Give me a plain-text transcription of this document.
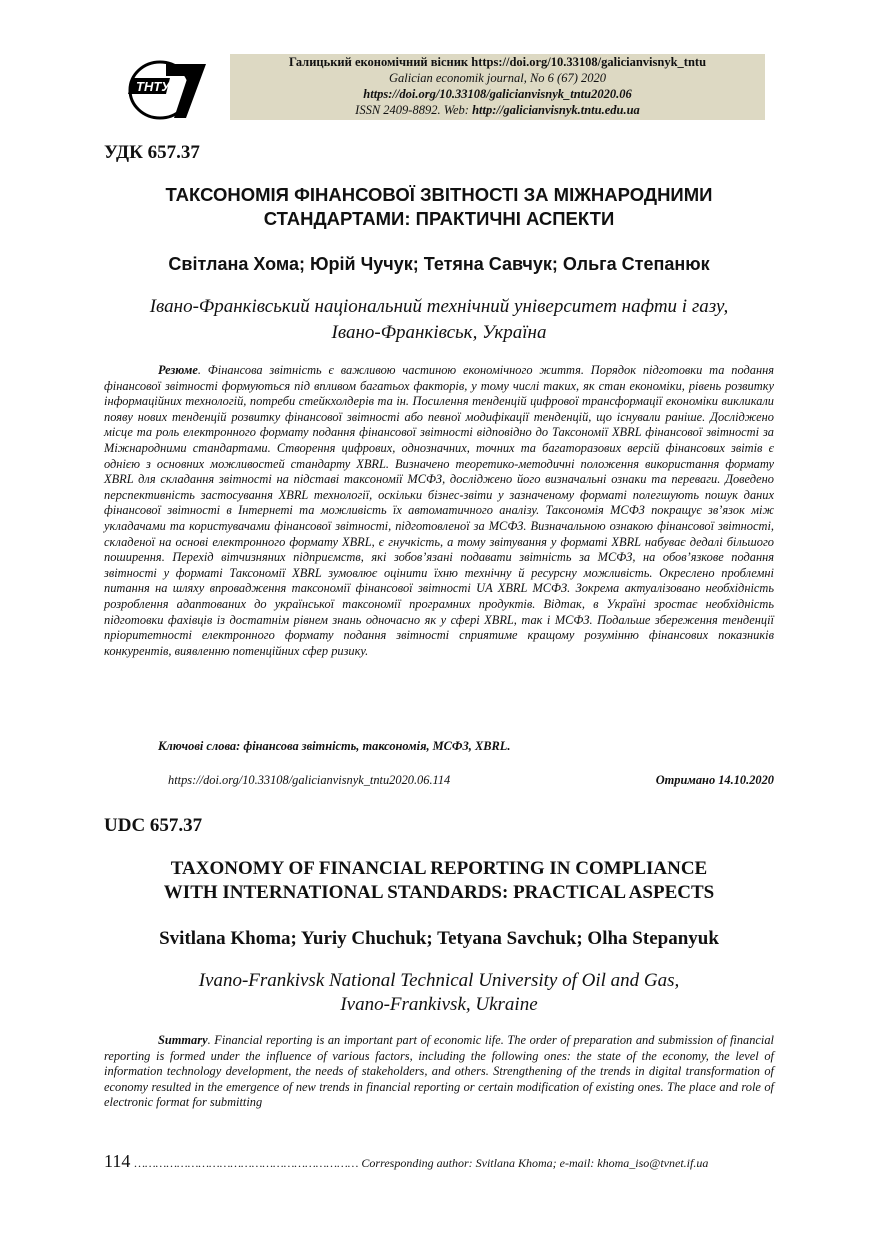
ТНТУ
Галицький економічний вісник https://doi.org/10.33108/galicianvisnyk_tntu
Galician economik journal, No 6 (67) 2020
https://doi.org/10.33108/galicianvisnyk_tntu2020.06
ISSN 2409-8892. Web: http://galicianvisnyk.tntu.edu.ua
УДК 657.37
ТАКСОНОМІЯ ФІНАНСОВОЇ ЗВІТНОСТІ ЗА МІЖНАРОДНИМИ
СТАНДАРТАМИ: ПРАКТИЧНІ АСПЕКТИ
Світлана Хома; Юрій Чучук; Тетяна Савчук; Ольга Степанюк
Івано-Франківський національний технічний університет нафти і газу,
Івано-Франківськ, Україна
Резюме. Фінансова звітність є важливою частиною економічного життя. Порядок підготовки та подання фінансової звітності формуються під впливом багатьох факторів, у тому числі таких, як стан економіки, рівень розвитку інформаційних технологій, потреби стейкхолдерів та ін. Посилення тенденцій цифрової трансформації економіки викликали появу нових тенденцій розвитку фінансової звітності або певної модифікації тенденцій, що існували раніше. Досліджено місце та роль електронного формату подання фінансової звітності відповідно до Таксономії XBRL фінансової звітності за Міжнародними стандартами. Створення цифрових, однозначних, точних та багаторазових версій фінансових звітів є однією з основних можливостей стандарту XBRL. Визначено теоретико-методичні положення використання формату XBRL для складання звітності на підставі таксономії МСФЗ, досліджено його визначальні ознаки та переваги. Доведено перспективність застосування XBRL технології, оскільки бізнес-звіти у зазначеному форматі полегшують пошук даних фінансової звітності в Інтернеті та можливість їх автоматичного аналізу. Таксономія МСФЗ покращує зв’язок між укладачами та користувачами фінансової звітності, підготовленої за МСФЗ. Визначальною ознакою фінансової звітності, складеної на основі електронного формату XBRL, є гнучкість, а тому звітування у форматі XBRL набуває дедалі більшого поширення. Перехід вітчизняних підприємств, які зобов’язані подавати звітність за МСФЗ, на обов’язкове подання звітності у форматі Таксономії XBRL зумовлює оцінити їхню технічну й ресурсну можливість. Окреслено проблемні питання на шляху впровадження таксономії фінансової звітності UA XBRL МСФЗ. Зокрема актуалізовано необхідність розроблення адаптованих до української таксономії програмних продуктів. Відтак, в Україні зростає необхідність підготовки фахівців із достатнім рівнем знань одночасно як у сфері XBRL, так і МСФЗ. Подальше збереження тенденції пріоритетності електронного формату подання звітності сприятиме кращому розумінню фінансових показників конкурентів, виявленню потенційних сфер ризику.
Ключові слова: фінансова звітність, таксономія, МСФЗ, XBRL.
https://doi.org/10.33108/galicianvisnyk_tntu2020.06.114	Отримано 14.10.2020
UDC 657.37
TAXONOMY OF FINANCIAL REPORTING IN COMPLIANCE
WITH INTERNATIONAL STANDARDS: PRACTICAL ASPECTS
Svitlana Khoma; Yuriy Chuchuk; Tetyana Savchuk; Olha Stepanyuk
Ivano-Frankivsk National Technical University of Oil and Gas,
Ivano-Frankivsk, Ukraine
Summary. Financial reporting is an important part of economic life. The order of preparation and submission of financial reporting is formed under the influence of various factors, including the following ones: the state of the economy, the level of information technology development, the needs of stakeholders, and others. Strengthening of the trends in digital transformation of economy resulted in the emergence of new trends in financial reporting or certain modification of existing ones. The place and role of electronic format for submitting
114 ……………………………………………………… Corresponding author: Svitlana Khoma; e-mail: khoma_iso@tvnet.if.ua
